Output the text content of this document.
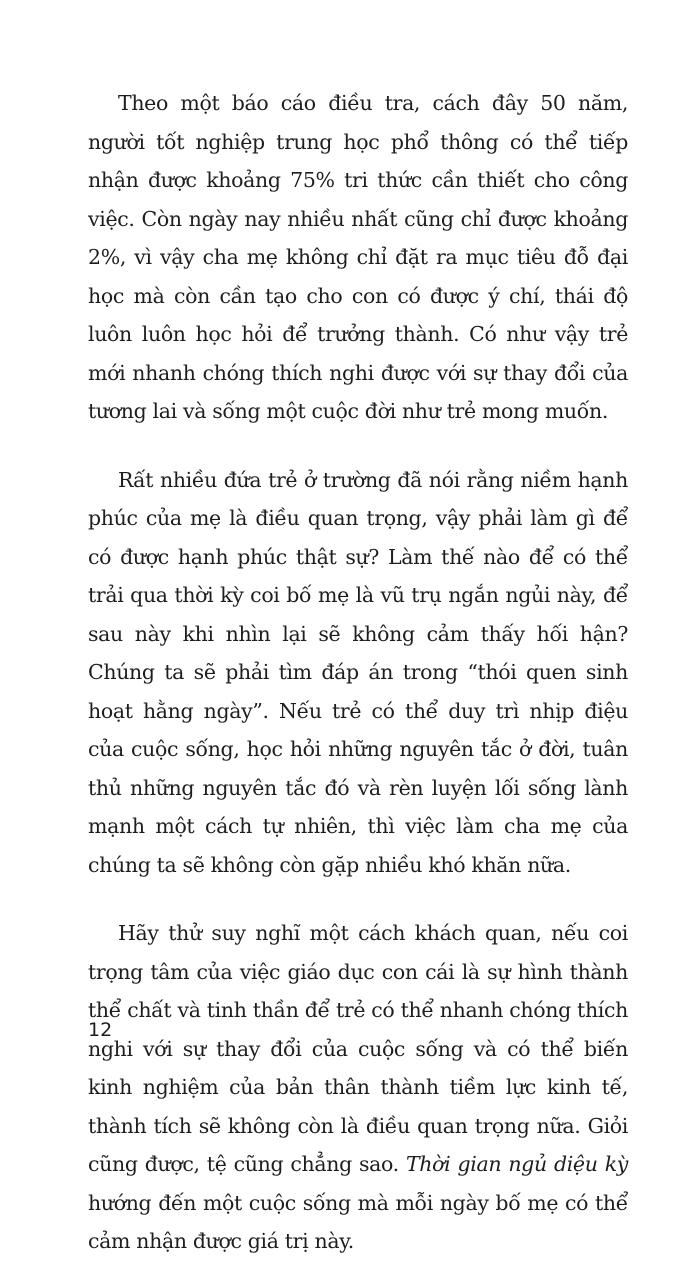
Theo một báo cáo điều tra, cách đây 50 năm, người tốt nghiệp trung học phổ thông có thể tiếp nhận được khoảng 75% tri thức cần thiết cho công việc. Còn ngày nay nhiều nhất cũng chỉ được khoảng 2%, vì vậy cha mẹ không chỉ đặt ra mục tiêu đỗ đại học mà còn cần tạo cho con có được ý chí, thái độ luôn luôn học hỏi để trưởng thành. Có như vậy trẻ mới nhanh chóng thích nghi được với sự thay đổi của tương lai và sống một cuộc đời như trẻ mong muốn.

Rất nhiều đứa trẻ ở trường đã nói rằng niềm hạnh phúc của mẹ là điều quan trọng, vậy phải làm gì để có được hạnh phúc thật sự? Làm thế nào để có thể trải qua thời kỳ coi bố mẹ là vũ trụ ngắn ngủi này, để sau này khi nhìn lại sẽ không cảm thấy hối hận? Chúng ta sẽ phải tìm đáp án trong “thói quen sinh hoạt hằng ngày”. Nếu trẻ có thể duy trì nhịp điệu của cuộc sống, học hỏi những nguyên tắc ở đời, tuân thủ những nguyên tắc đó và rèn luyện lối sống lành mạnh một cách tự nhiên, thì việc làm cha mẹ của chúng ta sẽ không còn gặp nhiều khó khăn nữa.

Hãy thử suy nghĩ một cách khách quan, nếu coi trọng tâm của việc giáo dục con cái là sự hình thành thể chất và tinh thần để trẻ có thể nhanh chóng thích nghi với sự thay đổi của cuộc sống và có thể biến kinh nghiệm của bản thân thành tiềm lực kinh tế, thành tích sẽ không còn là điều quan trọng nữa. Giỏi cũng được, tệ cũng chẳng sao. Thời gian ngủ diệu kỳ hướng đến một cuộc sống mà mỗi ngày bố mẹ có thể cảm nhận được giá trị này.

12
